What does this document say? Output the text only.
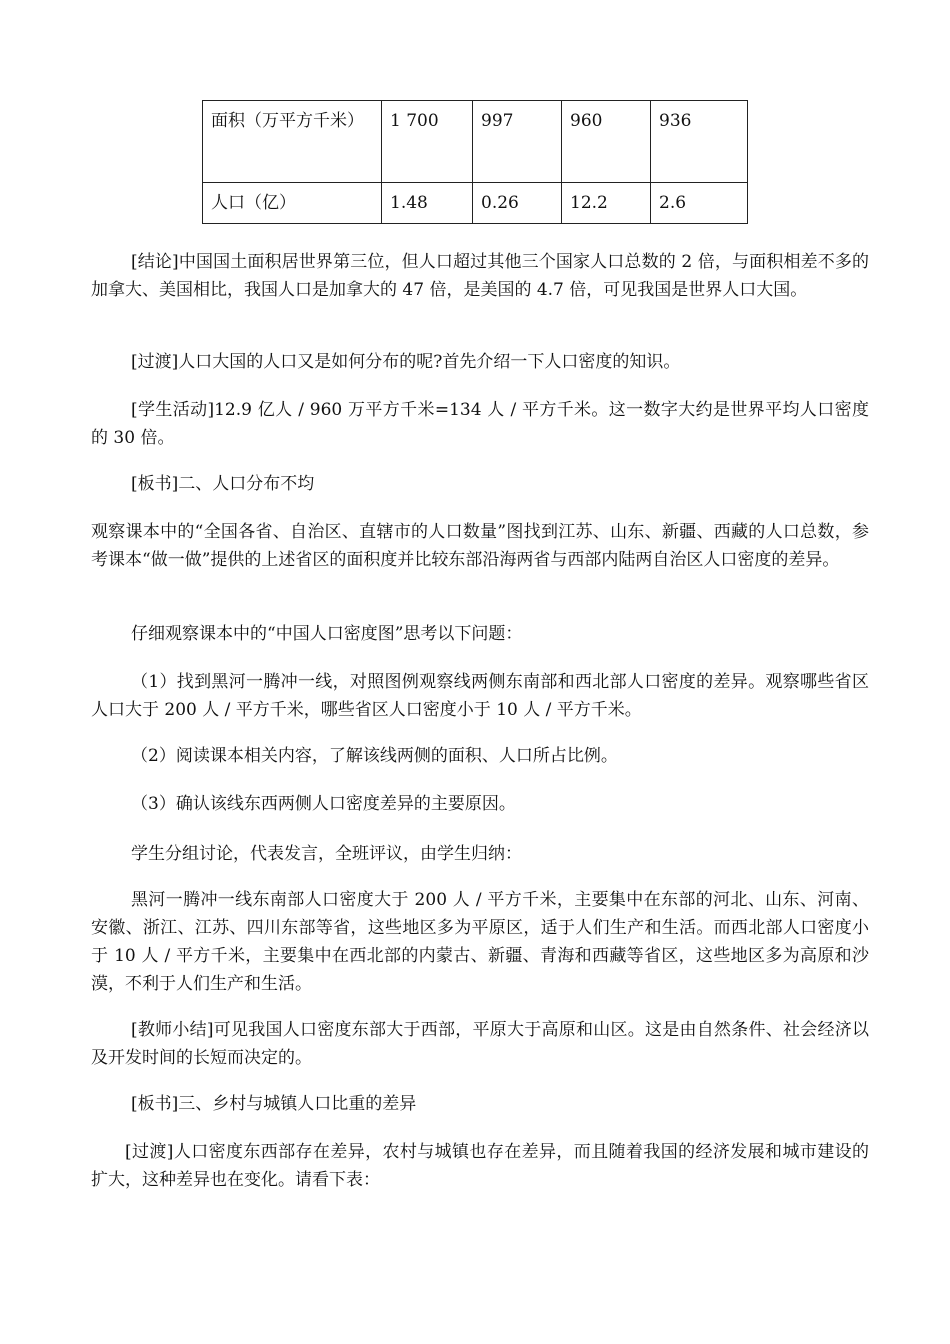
面积（万平方千米）	1 700	997	960	936
人口（亿）	1.48	0.26	12.2	2.6

[结论]中国国土面积居世界第三位，但人口超过其他三个国家人口总数的 2 倍，与面积相差不多的加拿大、美国相比，我国人口是加拿大的 47 倍，是美国的 4.7 倍，可见我国是世界人口大国。

[过渡]人口大国的人口又是如何分布的呢?首先介绍一下人口密度的知识。

[学生活动]12.9 亿人 / 960 万平方千米=134 人 / 平方千米。这一数字大约是世界平均人口密度的 30 倍。

[板书]二、人口分布不均

观察课本中的“全国各省、自治区、直辖市的人口数量”图找到江苏、山东、新疆、西藏的人口总数，参考课本“做一做”提供的上述省区的面积度并比较东部沿海两省与西部内陆两自治区人口密度的差异。

仔细观察课本中的“中国人口密度图”思考以下问题：

（1）找到黑河一腾冲一线，对照图例观察线两侧东南部和西北部人口密度的差异。观察哪些省区人口大于 200 人 / 平方千米，哪些省区人口密度小于 10 人 / 平方千米。

（2）阅读课本相关内容，了解该线两侧的面积、人口所占比例。

（3）确认该线东西两侧人口密度差异的主要原因。

学生分组讨论，代表发言，全班评议，由学生归纳：

黑河一腾冲一线东南部人口密度大于 200 人 / 平方千米，主要集中在东部的河北、山东、河南、安徽、浙江、江苏、四川东部等省，这些地区多为平原区，适于人们生产和生活。而西北部人口密度小于 10 人 / 平方千米，主要集中在西北部的内蒙古、新疆、青海和西藏等省区，这些地区多为高原和沙漠，不利于人们生产和生活。

[教师小结]可见我国人口密度东部大于西部，平原大于高原和山区。这是由自然条件、社会经济以及开发时间的长短而决定的。

[板书]三、乡村与城镇人口比重的差异

[过渡]人口密度东西部存在差异，农村与城镇也存在差异，而且随着我国的经济发展和城市建设的扩大，这种差异也在变化。请看下表：
